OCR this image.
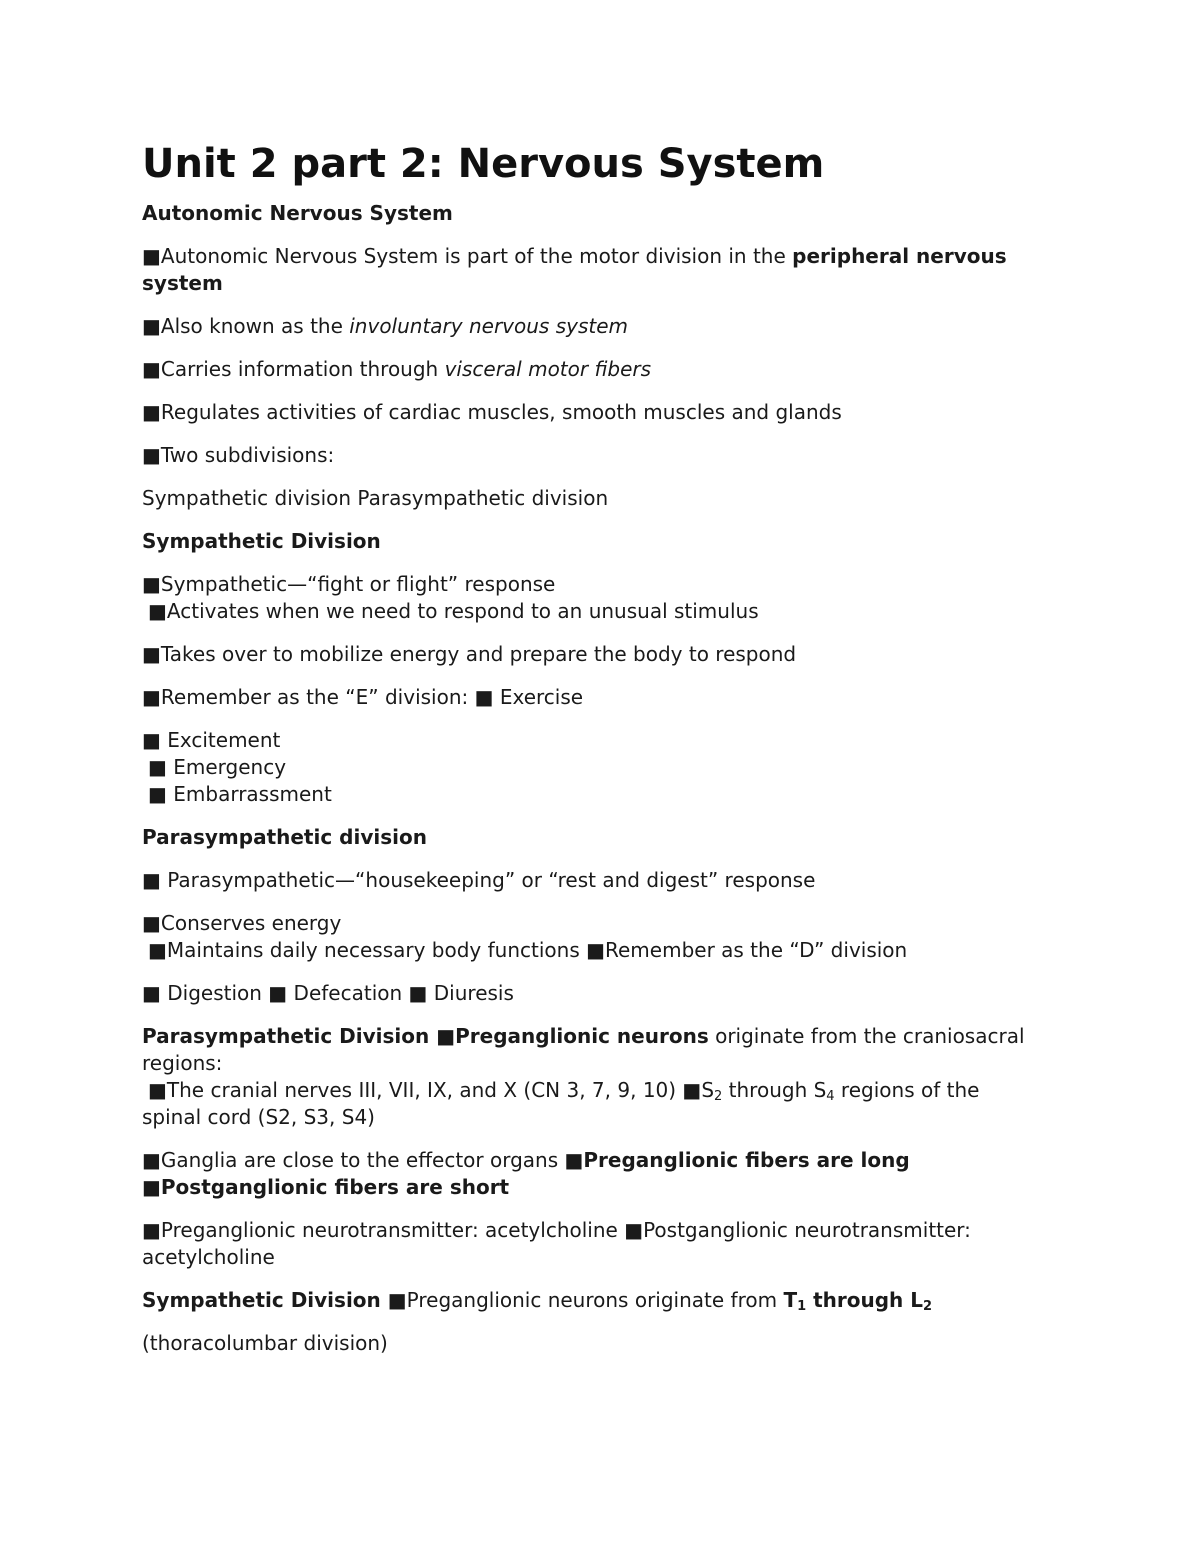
Unit 2 part 2: Nervous System
Autonomic Nervous System
■Autonomic Nervous System is part of the motor division in the peripheral nervous system
■Also known as the involuntary nervous system
■Carries information through visceral motor fibers
■Regulates activities of cardiac muscles, smooth muscles and glands
■Two subdivisions:
Sympathetic division Parasympathetic division
Sympathetic Division
■Sympathetic—“fight or flight” response
■Activates when we need to respond to an unusual stimulus
■Takes over to mobilize energy and prepare the body to respond
■Remember as the “E” division: ■ Exercise
■ Excitement
■ Emergency
■ Embarrassment
Parasympathetic division
■ Parasympathetic—“housekeeping” or “rest and digest” response
■Conserves energy
■Maintains daily necessary body functions ■Remember as the “D” division
■ Digestion ■ Defecation ■ Diuresis
Parasympathetic Division ■Preganglionic neurons originate from the craniosacral regions:
■The cranial nerves III, VII, IX, and X (CN 3, 7, 9, 10) $■S_2$ through $S_4$ regions of the spinal cord (S2, S3, S4)
■Ganglia are close to the effector organs ■Preganglionic fibers are long ■Postganglionic fibers are short
■Preganglionic neurotransmitter: acetylcholine ■Postganglionic neurotransmitter: acetylcholine
Sympathetic Division ■Preganglionic neurons originate from $T_1$ through $L_2$
(thoracolumbar division)
